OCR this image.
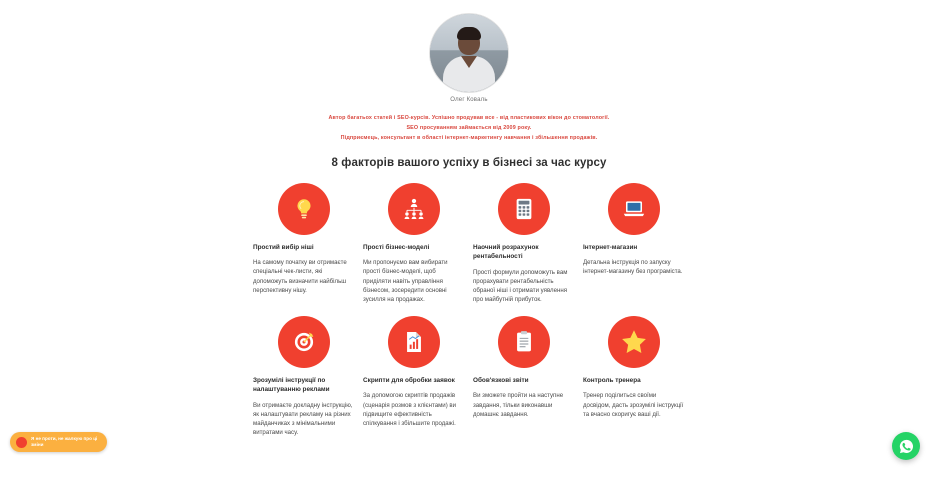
Олег Коваль

Автор багатьох статей і SEO-курсів. Успішно продував все - від пластикових вікон до стоматології.

SEO просуванням займається від 2009 року.

Підприємець, консультант в області інтернет-маркетингу навчання і збільшення продажів.

8 факторів вашого успіху в бізнесі за час курсу
Простий вибір ніші
На самому початку ви отримаєте спеціальні чек-листи, які допоможуть визначити найбільш перспективну нішу.
Прості бізнес-моделі
Ми пропонуємо вам вибирати прості бізнес-моделі, щоб приділяти навіть управління бізнесом, зосередити основні зусилля на продажах.
Наочний розрахунок рентабельності
Прості формули допоможуть вам прорахувати рентабельність обраної ніші і отримати уявлення про майбутній прибуток.
Інтернет-магазин
Детальна інструкція по запуску інтернет-магазину без програміста.
Зрозумілі інструкції по налаштуванню реклами
Ви отримаєте докладну інструкцію, як налаштувати рекламу на різних майданчиках з мінімальними витратами часу.
Скрипти для обробки заявок
За допомогою скриптів продажів (сценарія розмов з клієнтами) ви підвищите ефективність спілкування і збільшите продажі.
Обов'язкові звіти
Ви зможете пройти на наступне завдання, тільки виконавши домашнє завдання.
Контроль тренера
Тренер поділиться своїми досвідом, дасть зрозумілі інструкції та вчасно скоригує ваші дії.
Я не проти, не жалкую про ці зміни
